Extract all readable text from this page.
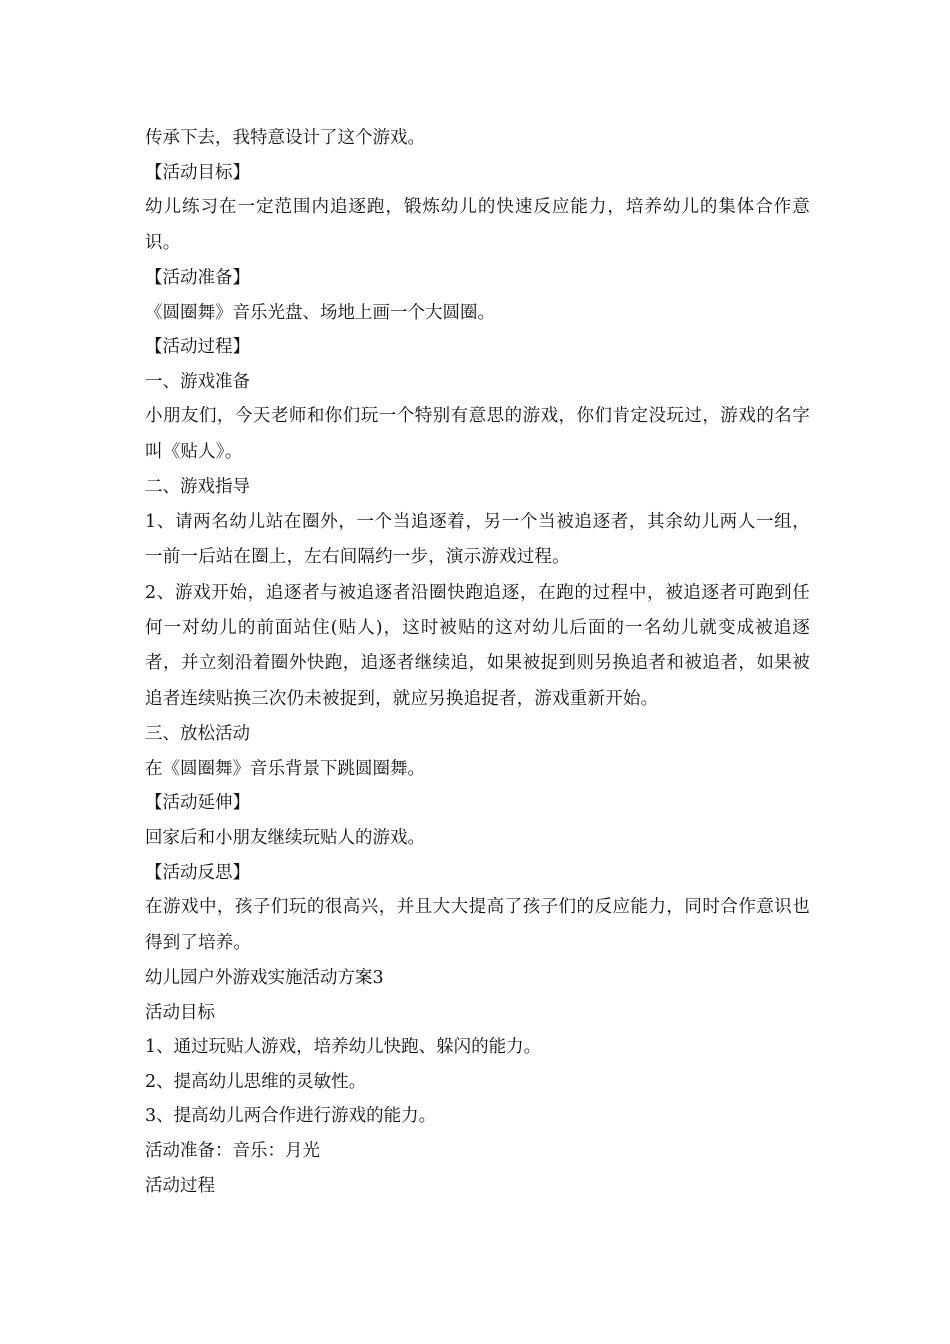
传承下去，我特意设计了这个游戏。

【活动目标】

幼儿练习在一定范围内追逐跑，锻炼幼儿的快速反应能力，培养幼儿的集体合作意识。

【活动准备】

《圆圈舞》音乐光盘、场地上画一个大圆圈。

【活动过程】

一、游戏准备

小朋友们，今天老师和你们玩一个特别有意思的游戏，你们肯定没玩过，游戏的名字叫《贴人》。

二、游戏指导

1、请两名幼儿站在圈外，一个当追逐着，另一个当被追逐者，其余幼儿两人一组，一前一后站在圈上，左右间隔约一步，演示游戏过程。

2、游戏开始，追逐者与被追逐者沿圈快跑追逐，在跑的过程中，被追逐者可跑到任何一对幼儿的前面站住(贴人)，这时被贴的这对幼儿后面的一名幼儿就变成被追逐者，并立刻沿着圈外快跑，追逐者继续追，如果被捉到则另换追者和被追者，如果被追者连续贴换三次仍未被捉到，就应另换追捉者，游戏重新开始。

三、放松活动

在《圆圈舞》音乐背景下跳圆圈舞。

【活动延伸】

回家后和小朋友继续玩贴人的游戏。

【活动反思】

在游戏中，孩子们玩的很高兴，并且大大提高了孩子们的反应能力，同时合作意识也得到了培养。

幼儿园户外游戏实施活动方案3

活动目标

1、通过玩贴人游戏，培养幼儿快跑、躲闪的能力。

2、提高幼儿思维的灵敏性。

3、提高幼儿两合作进行游戏的能力。

活动准备：音乐：月光

活动过程
